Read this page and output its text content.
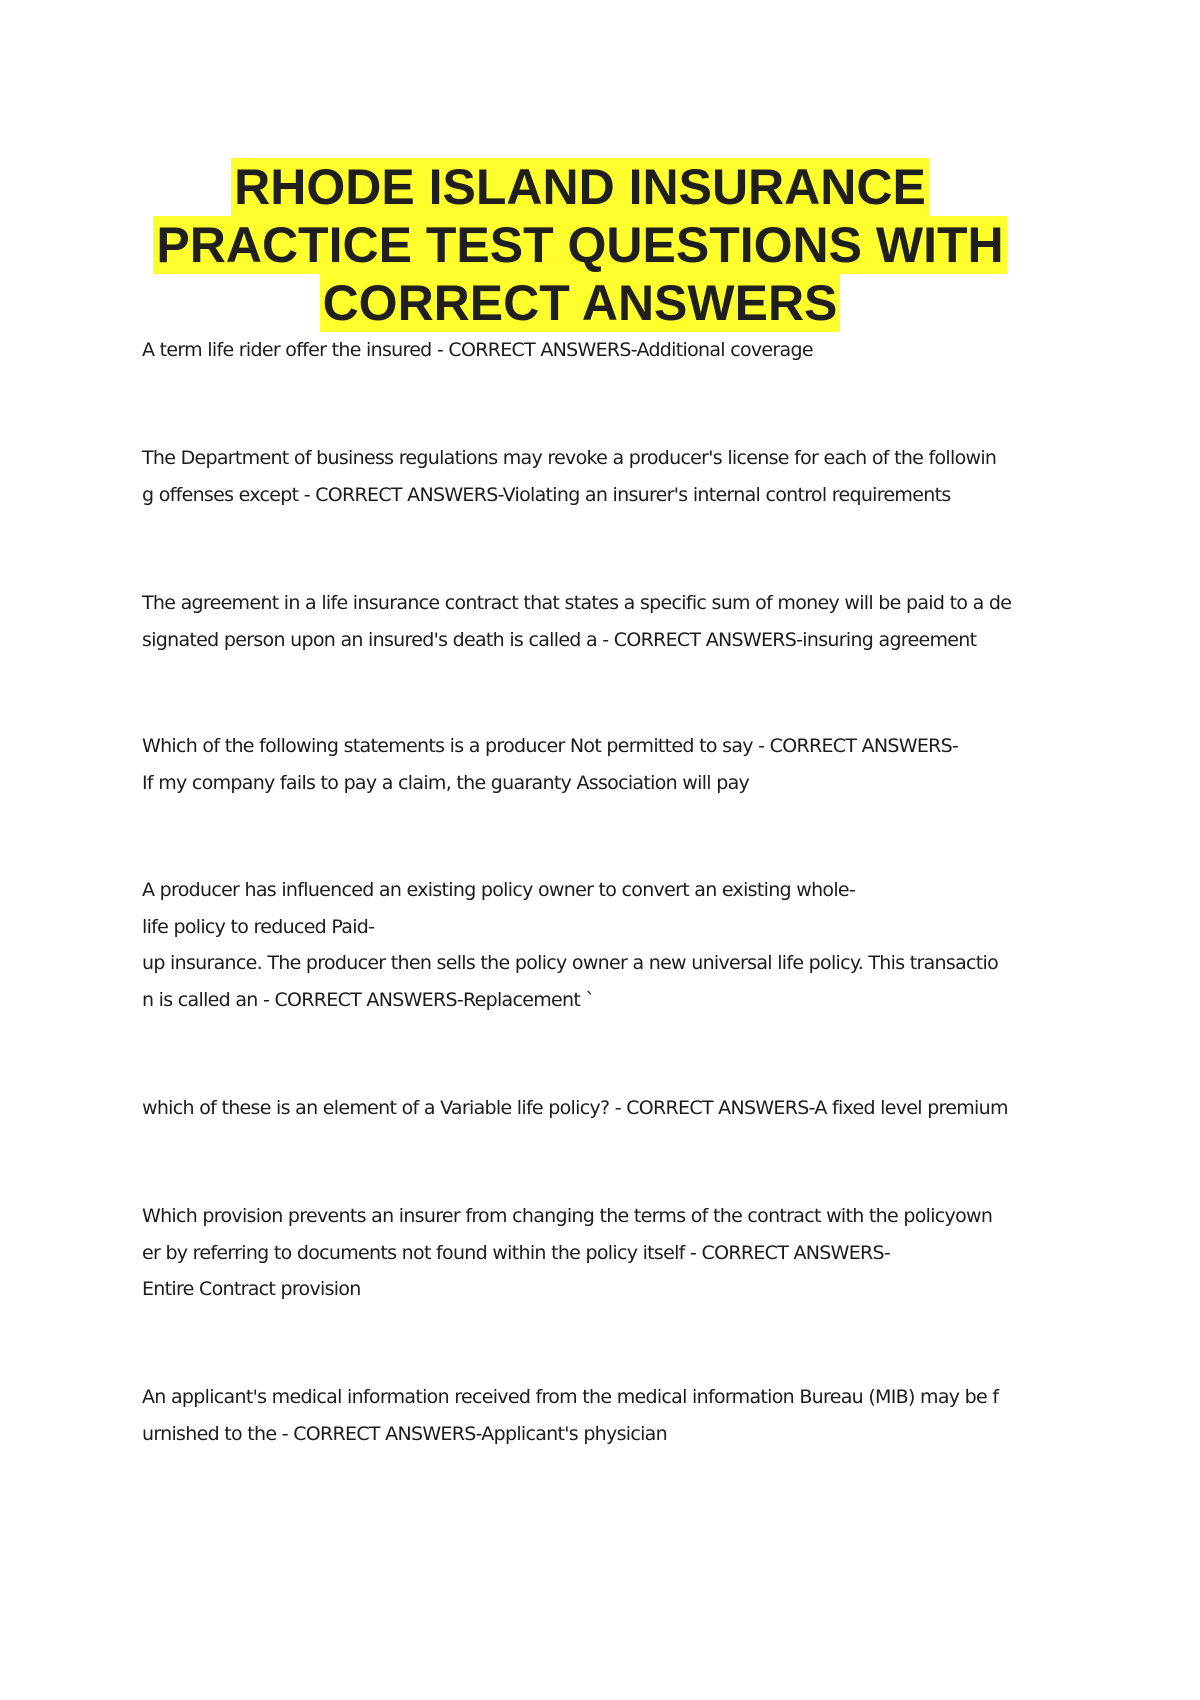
RHODE ISLAND INSURANCE
PRACTICE TEST QUESTIONS WITH
CORRECT ANSWERS
A term life rider offer the insured - CORRECT ANSWERS-Additional coverage
The Department of business regulations may revoke a producer's license for each of the followin
g offenses except - CORRECT ANSWERS-Violating an insurer's internal control requirements
The agreement in a life insurance contract that states a specific sum of money will be paid to a de
signated person upon an insured's death is called a - CORRECT ANSWERS-insuring agreement
Which of the following statements is a producer Not permitted to say - CORRECT ANSWERS-
If my company fails to pay a claim, the guaranty Association will pay
A producer has influenced an existing policy owner to convert an existing whole-
life policy to reduced Paid-
up insurance. The producer then sells the policy owner a new universal life policy. This transactio
n is called an - CORRECT ANSWERS-Replacement `
which of these is an element of a Variable life policy? - CORRECT ANSWERS-A fixed level premium
Which provision prevents an insurer from changing the terms of the contract with the policyown
er by referring to documents not found within the policy itself - CORRECT ANSWERS-
Entire Contract provision
An applicant's medical information received from the medical information Bureau (MIB) may be f
urnished to the - CORRECT ANSWERS-Applicant's physician
